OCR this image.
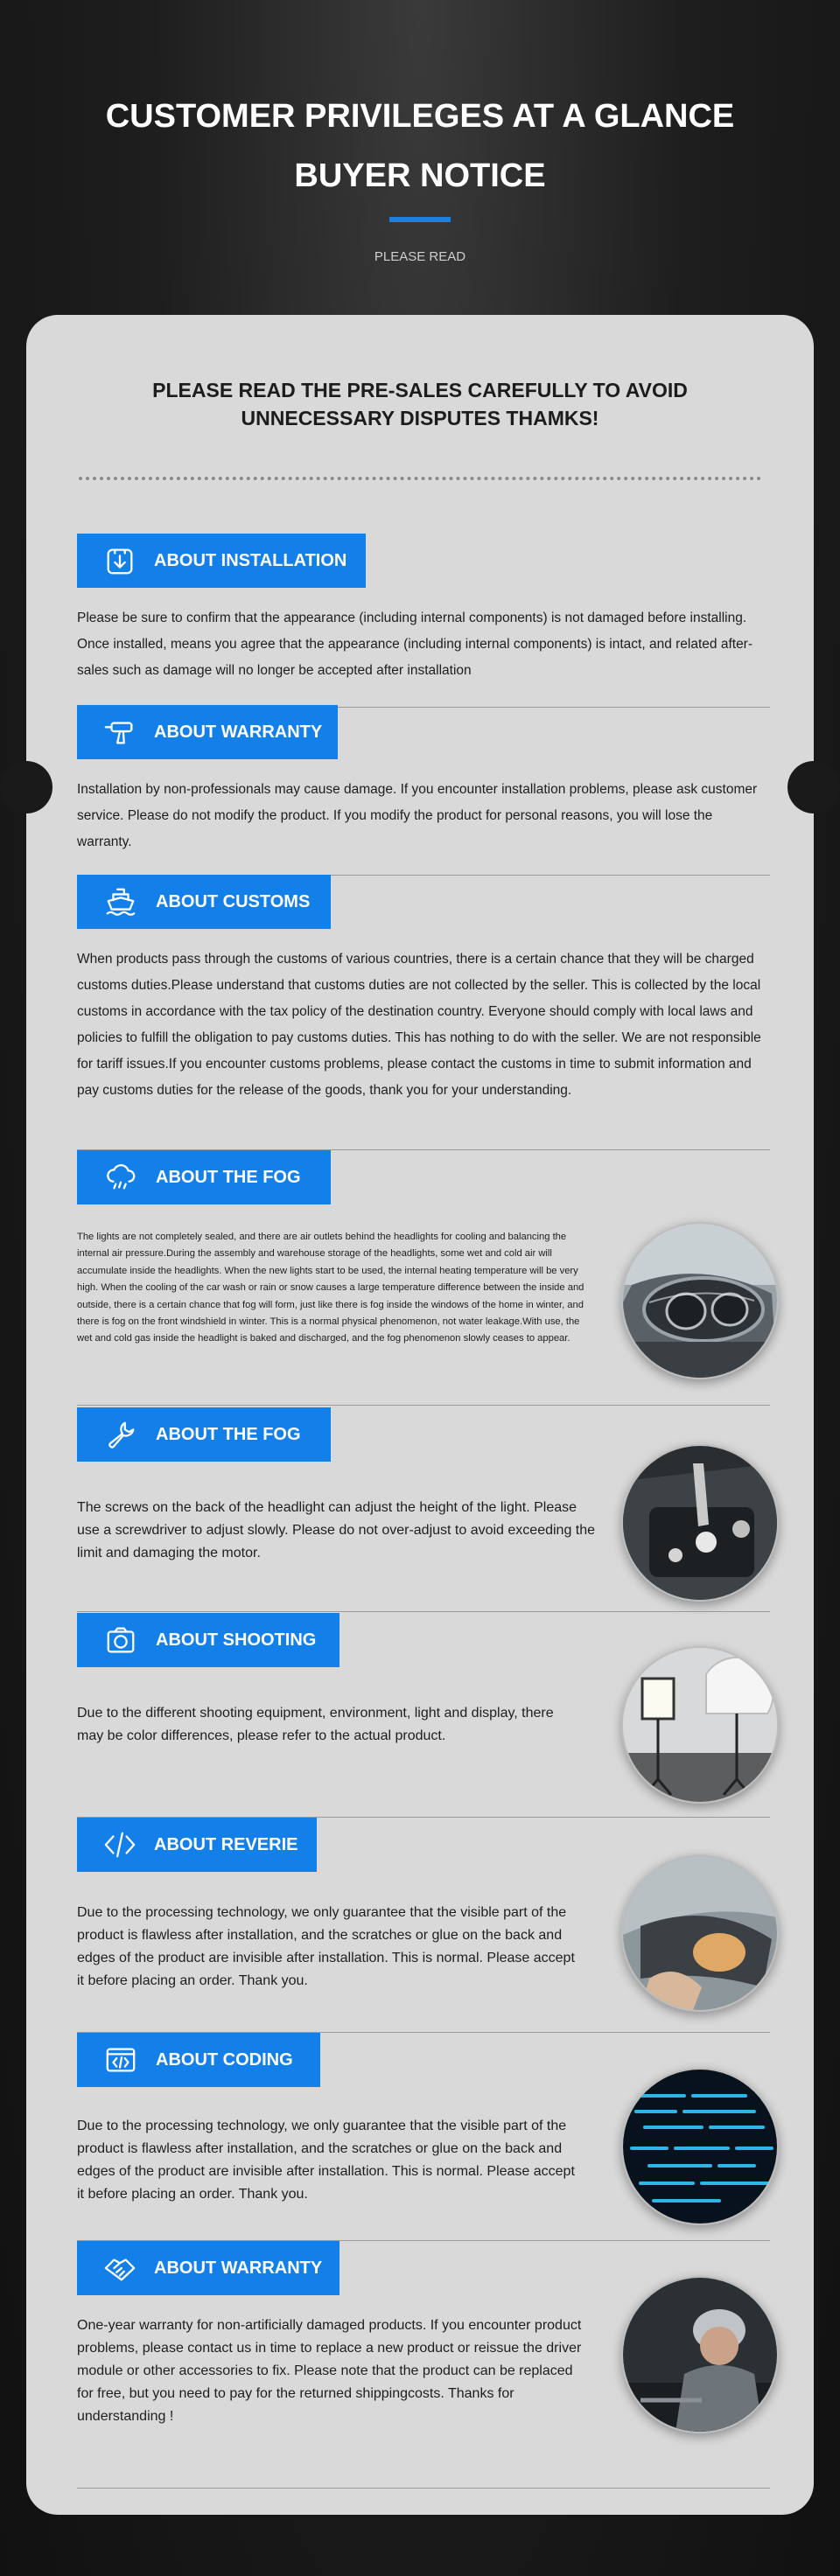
CUSTOMER PRIVILEGES AT A GLANCE
BUYER NOTICE
PLEASE READ
PLEASE READ THE PRE-SALES CAREFULLY TO AVOID
UNNECESSARY DISPUTES THAMKS!
ABOUT INSTALLATION
Please be sure to confirm that the appearance (including internal components) is not damaged before installing. Once installed, means you agree that the appearance (including internal components) is intact, and related after-sales such as damage will no longer be accepted after installation
ABOUT WARRANTY
Installation by non-professionals may cause damage. If you encounter installation problems, please ask customer service. Please do not modify the product. If you modify the product for personal reasons, you will lose the warranty.
ABOUT CUSTOMS
When products pass through the customs of various countries, there is a certain chance that they will be charged customs duties.Please understand that customs duties are not collected by the seller. This is collected by the local customs in accordance with the tax policy of the destination country. Everyone should comply with local laws and policies to fulfill the obligation to pay customs duties. This has nothing to do with the seller. We are not responsible for tariff issues.If you encounter customs problems, please contact the customs in time to submit information and pay customs duties for the release of the goods, thank you for your understanding.
ABOUT THE FOG
The lights are not completely sealed, and there are air outlets behind the headlights for cooling and balancing the internal air pressure.During the assembly and warehouse storage of the headlights, some wet and cold air will accumulate inside the headlights. When the new lights start to be used, the internal heating temperature will be very high. When the cooling of the car wash or rain or snow causes a large temperature difference between the inside and outside, there is a certain chance that fog will form, just like there is fog inside the windows of the home in winter, and there is fog on the front windshield in winter. This is a normal physical phenomenon, not water leakage.With use, the wet and cold gas inside the headlight is baked and discharged, and the fog phenomenon slowly ceases to appear.
ABOUT THE FOG
The screws on the back of the headlight can adjust the height of the light. Please use a screwdriver to adjust slowly. Please do not over-adjust to avoid exceeding the limit and damaging the motor.
ABOUT SHOOTING
Due to the different shooting equipment, environment, light and display, there may be color differences, please refer to the actual product.
ABOUT REVERIE
Due to the processing technology, we only guarantee that the visible part of the product is flawless after installation, and the scratches or glue on the back and edges of the product are invisible after installation. This is normal. Please accept it before placing an order. Thank you.
ABOUT CODING
Due to the processing technology, we only guarantee that the visible part of the product is flawless after installation, and the scratches or glue on the back and edges of the product are invisible after installation. This is normal. Please accept it before placing an order. Thank you.
ABOUT WARRANTY
One-year warranty for non-artificially damaged products. If you encounter product problems, please contact us in time to replace a new product or reissue the driver module or other accessories to fix. Please note that the product can be replaced for free, but you need to pay for the returned shippingcosts. Thanks for understanding !
